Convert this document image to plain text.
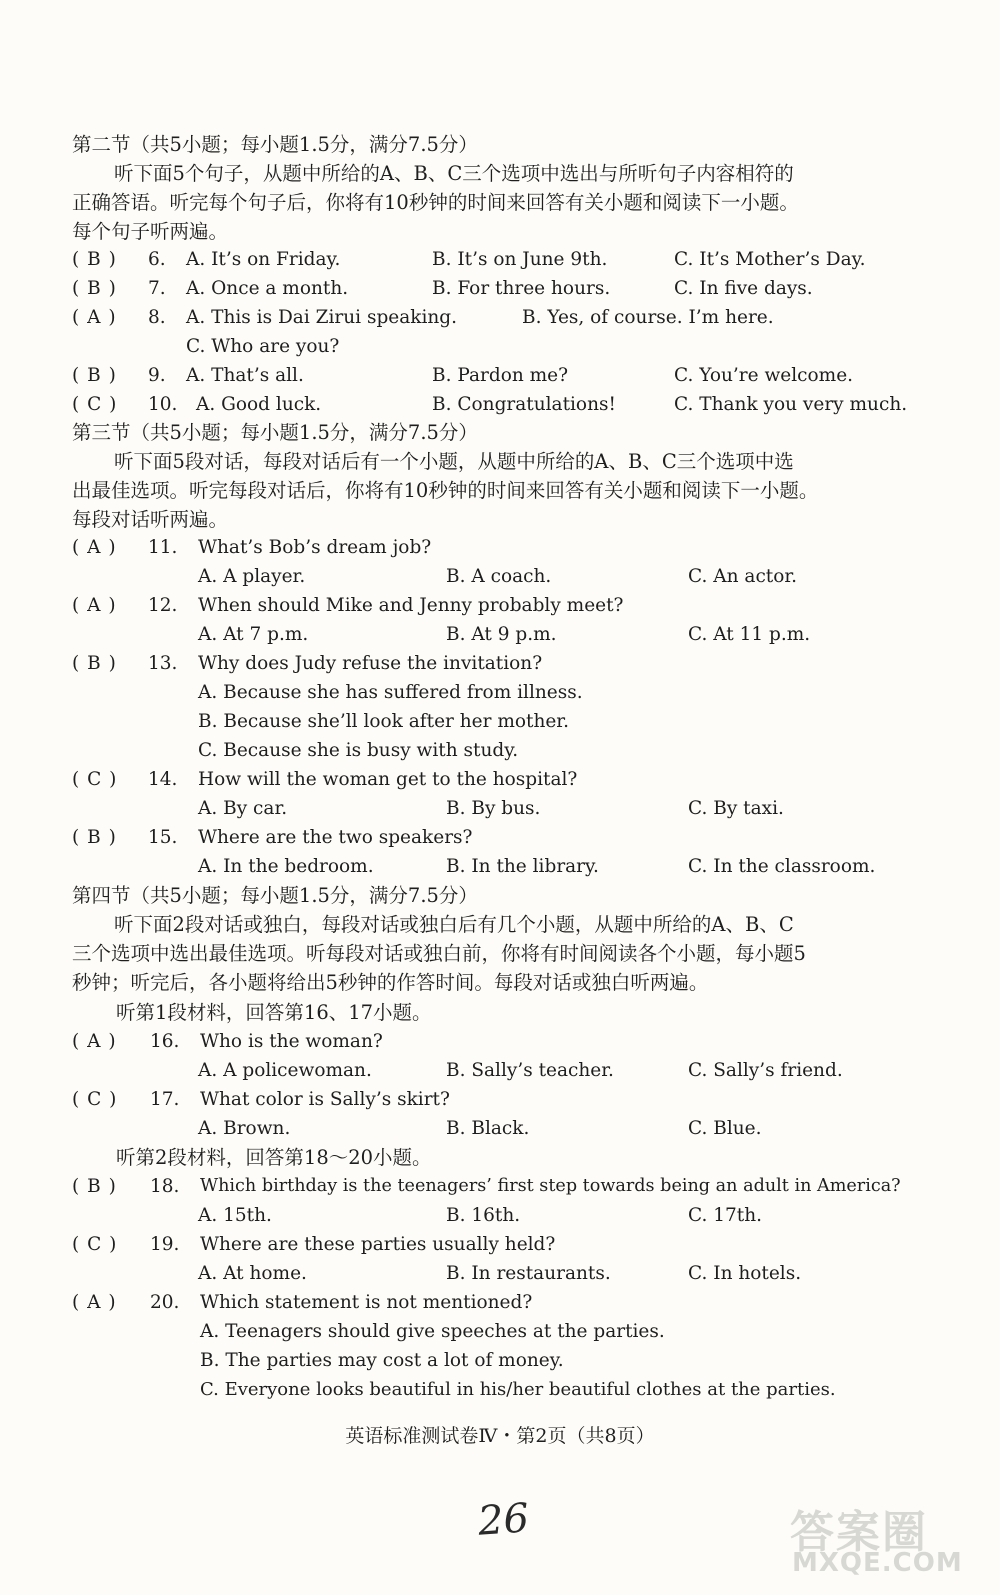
第二节（共5小题；每小题1.5分，满分7.5分）
听下面5个句子，从题中所给的A、B、C三个选项中选出与所听句子内容相符的
正确答语。听完每个句子后，你将有10秒钟的时间来回答有关小题和阅读下一小题。
每个句子听两遍。
( B ) 6. A. It’s on Friday.	B. It’s on June 9th.	C. It’s Mother’s Day.
( B ) 7. A. Once a month.	B. For three hours.	C. In five days.
( A ) 8. A. This is Dai Zirui speaking.	B. Yes, of course. I’m here.
C. Who are you?
( B ) 9. A. That’s all.	B. Pardon me?	C. You’re welcome.
( C ) 10. A. Good luck.	B. Congratulations!	C. Thank you very much.
第三节（共5小题；每小题1.5分，满分7.5分）
听下面5段对话，每段对话后有一个小题，从题中所给的A、B、C三个选项中选
出最佳选项。听完每段对话后，你将有10秒钟的时间来回答有关小题和阅读下一小题。
每段对话听两遍。
( A ) 11. What’s Bob’s dream job?
A. A player.	B. A coach.	C. An actor.
( A ) 12. When should Mike and Jenny probably meet?
A. At 7 p.m.	B. At 9 p.m.	C. At 11 p.m.
( B ) 13. Why does Judy refuse the invitation?
A. Because she has suffered from illness.
B. Because she’ll look after her mother.
C. Because she is busy with study.
( C ) 14. How will the woman get to the hospital?
A. By car.	B. By bus.	C. By taxi.
( B ) 15. Where are the two speakers?
A. In the bedroom.	B. In the library.	C. In the classroom.
第四节（共5小题；每小题1.5分，满分7.5分）
听下面2段对话或独白，每段对话或独白后有几个小题，从题中所给的A、B、C
三个选项中选出最佳选项。听每段对话或独白前，你将有时间阅读各个小题，每小题5
秒钟；听完后，各小题将给出5秒钟的作答时间。每段对话或独白听两遍。
听第1段材料，回答第16、17小题。
( A ) 16. Who is the woman?
A. A policewoman.	B. Sally’s teacher.	C. Sally’s friend.
( C ) 17. What color is Sally’s skirt?
A. Brown.	B. Black.	C. Blue.
听第2段材料，回答第18～20小题。
( B ) 18. Which birthday is the teenagers’ first step towards being an adult in America?
A. 15th.	B. 16th.	C. 17th.
( C ) 19. Where are these parties usually held?
A. At home.	B. In restaurants.	C. In hotels.
( A ) 20. Which statement is not mentioned?
A. Teenagers should give speeches at the parties.
B. The parties may cost a lot of money.
C. Everyone looks beautiful in his/her beautiful clothes at the parties.
英语标准测试卷Ⅳ・第2页（共8页）
26	答案圈
MXQE.COM
